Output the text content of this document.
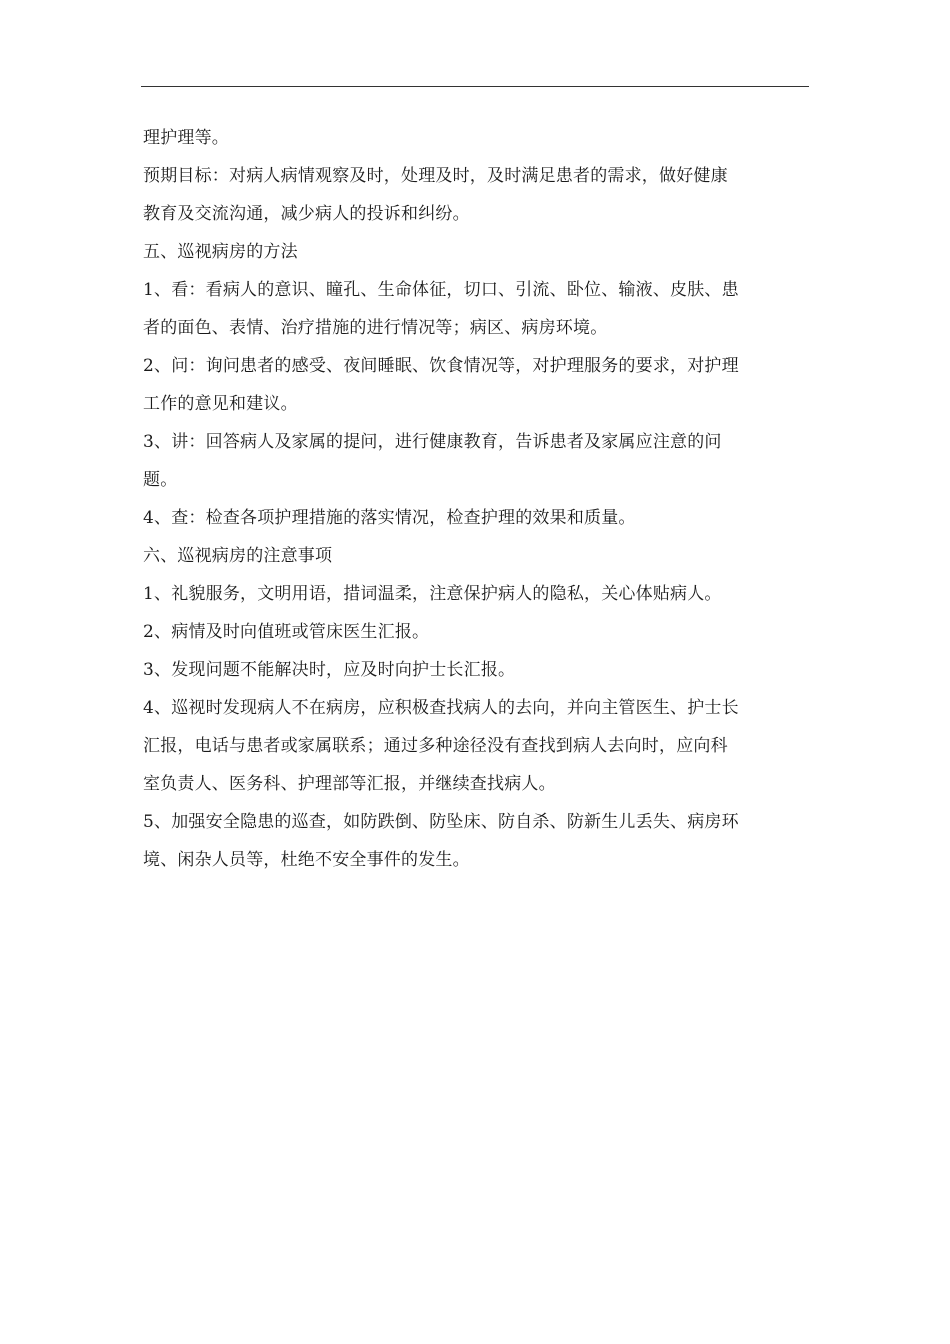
理护理等。
预期目标：对病人病情观察及时，处理及时，及时满足患者的需求，做好健康
教育及交流沟通，减少病人的投诉和纠纷。
五、巡视病房的方法
1、看：看病人的意识、瞳孔、生命体征，切口、引流、卧位、输液、皮肤、患
者的面色、表情、治疗措施的进行情况等；病区、病房环境。
2、问：询问患者的感受、夜间睡眠、饮食情况等，对护理服务的要求，对护理
工作的意见和建议。
3、讲：回答病人及家属的提问，进行健康教育，告诉患者及家属应注意的问
题。
4、查：检查各项护理措施的落实情况，检查护理的效果和质量。
六、巡视病房的注意事项
1、礼貌服务，文明用语，措词温柔，注意保护病人的隐私，关心体贴病人。
2、病情及时向值班或管床医生汇报。
3、发现问题不能解决时，应及时向护士长汇报。
4、巡视时发现病人不在病房，应积极查找病人的去向，并向主管医生、护士长
汇报，电话与患者或家属联系；通过多种途径没有查找到病人去向时，应向科
室负责人、医务科、护理部等汇报，并继续查找病人。
5、加强安全隐患的巡查，如防跌倒、防坠床、防自杀、防新生儿丢失、病房环
境、闲杂人员等，杜绝不安全事件的发生。
